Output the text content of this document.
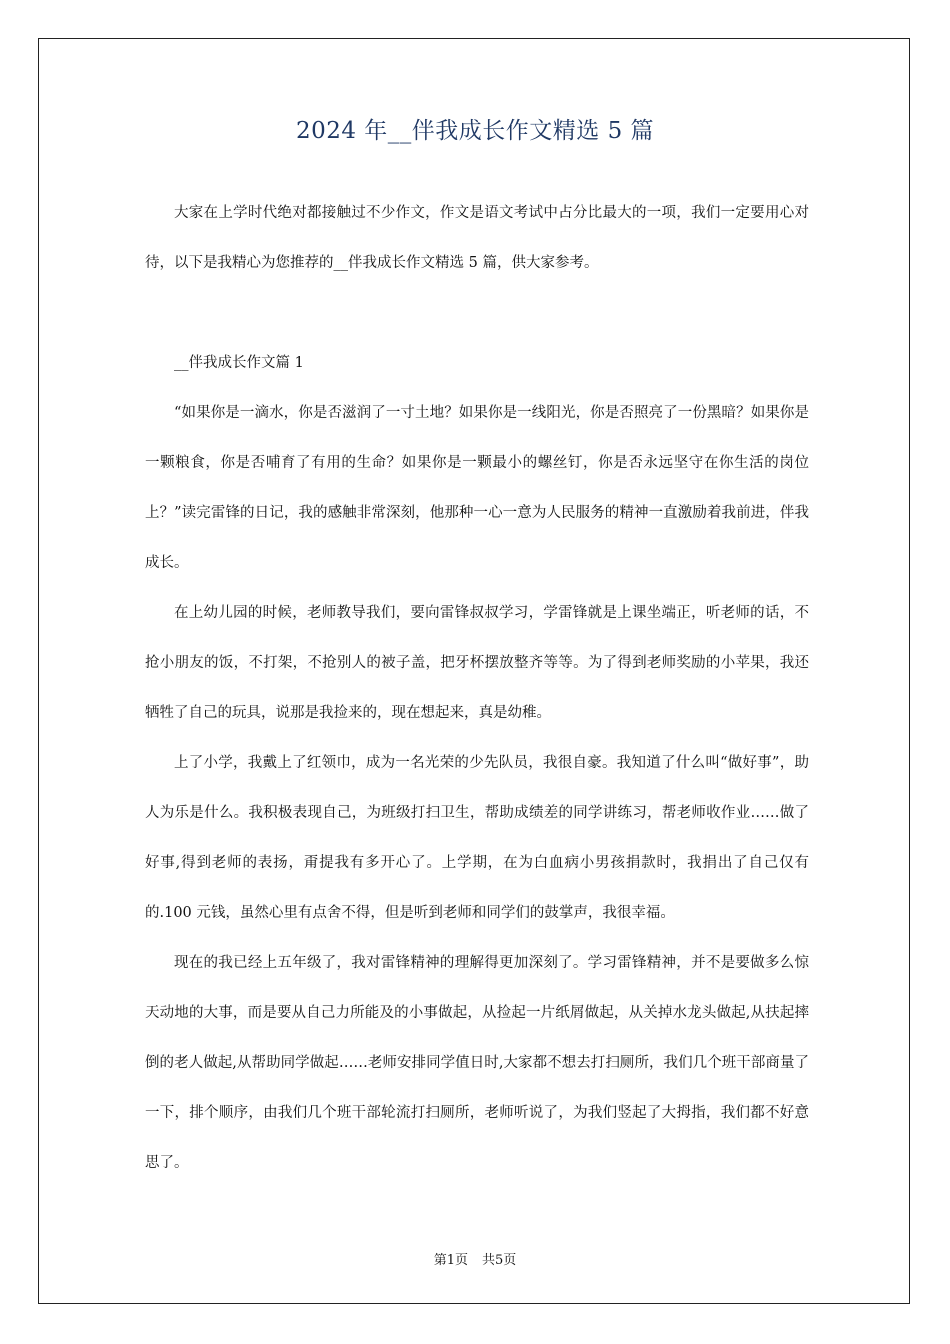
2024 年__伴我成长作文精选 5 篇

大家在上学时代绝对都接触过不少作文，作文是语文考试中占分比最大的一项，我们一定要用心对待，以下是我精心为您推荐的__伴我成长作文精选 5 篇，供大家参考。

__伴我成长作文篇 1

“如果你是一滴水，你是否滋润了一寸土地？如果你是一线阳光，你是否照亮了一份黑暗？如果你是一颗粮食，你是否哺育了有用的生命？如果你是一颗最小的螺丝钉，你是否永远坚守在你生活的岗位上？”读完雷锋的日记，我的感触非常深刻，他那种一心一意为人民服务的精神一直激励着我前进，伴我成长。

在上幼儿园的时候，老师教导我们，要向雷锋叔叔学习，学雷锋就是上课坐端正，听老师的话，不抢小朋友的饭，不打架，不抢别人的被子盖，把牙杯摆放整齐等等。为了得到老师奖励的小苹果，我还牺牲了自己的玩具，说那是我捡来的，现在想起来，真是幼稚。

上了小学，我戴上了红领巾，成为一名光荣的少先队员，我很自豪。我知道了什么叫“做好事”，助人为乐是什么。我积极表现自己，为班级打扫卫生，帮助成绩差的同学讲练习，帮老师收作业……做了好事,得到老师的表扬，甭提我有多开心了。上学期，在为白血病小男孩捐款时，我捐出了自己仅有的.100 元钱，虽然心里有点舍不得，但是听到老师和同学们的鼓掌声，我很幸福。

现在的我已经上五年级了，我对雷锋精神的理解得更加深刻了。学习雷锋精神，并不是要做多么惊天动地的大事，而是要从自己力所能及的小事做起，从捡起一片纸屑做起，从关掉水龙头做起,从扶起摔倒的老人做起,从帮助同学做起……老师安排同学值日时,大家都不想去打扫厕所，我们几个班干部商量了一下，排个顺序，由我们几个班干部轮流打扫厕所，老师听说了，为我们竖起了大拇指，我们都不好意思了。

第1页 共5页
